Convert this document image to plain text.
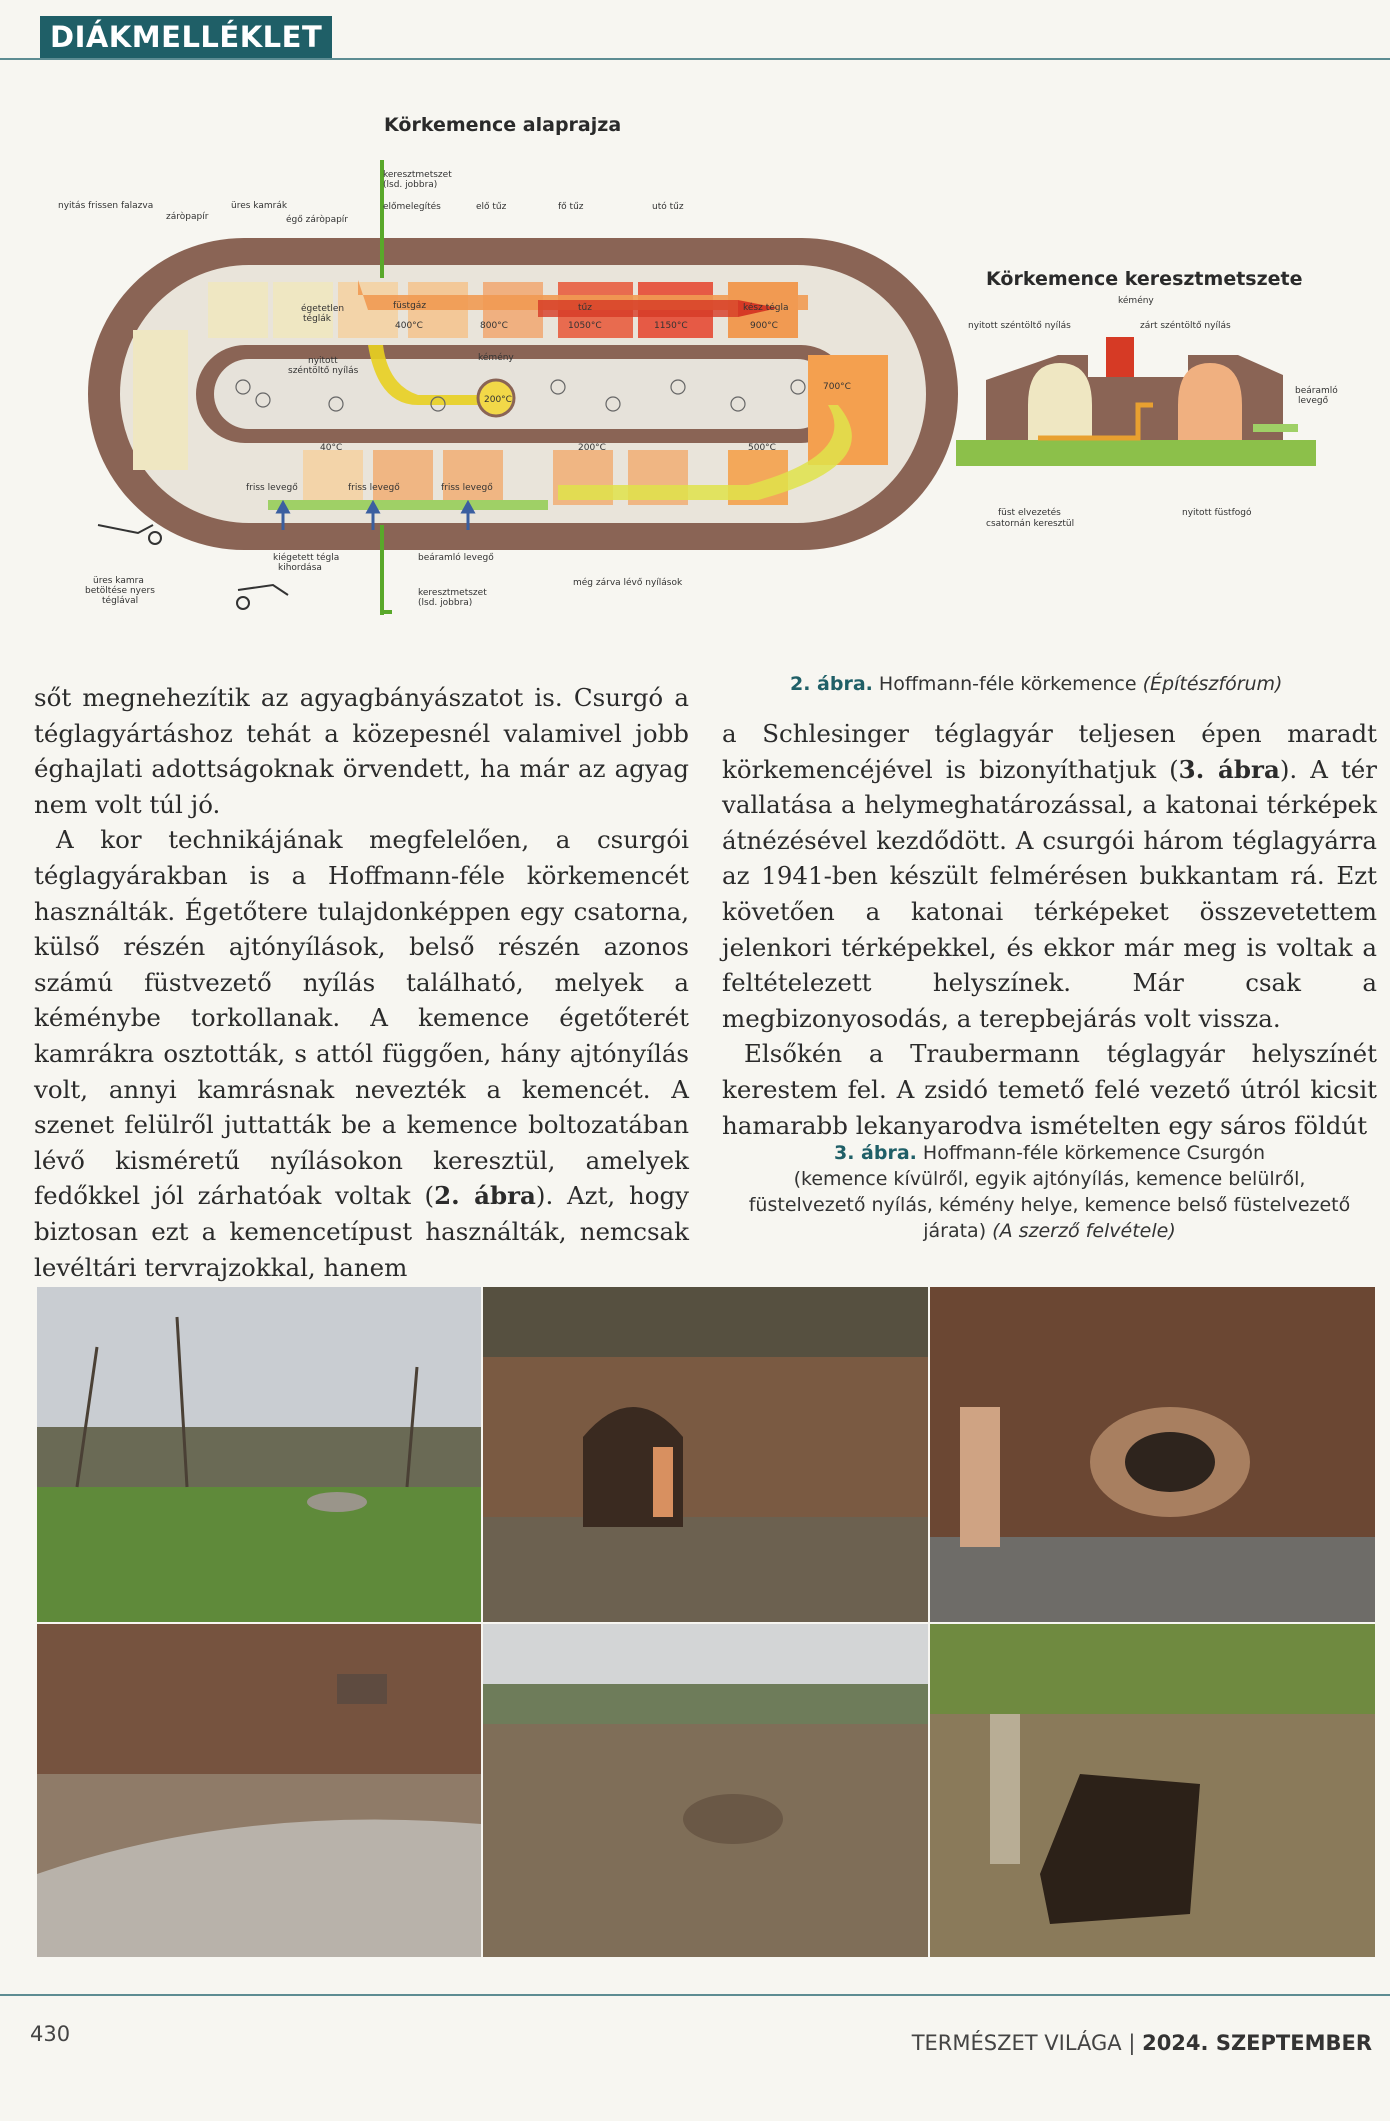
DIÁKMELLÉKLET
Körkemence alaprajza
nyitás frissen falazva
záròpapír
üres kamrák
égő záròpapír
keresztmetszet
(lsd. jobbra)
előmelegítés	elő tűz	fő tűz	utó tűz
égetetlen
téglák
füstgáz
400°C	800°C
tűz
1050°C	1150°C
kész tégla
900°C
nyitott
széntöltő nyílás
kémény
200°C
700°C
40°C	200°C	500°C
friss levegő	friss levegő	friss levegő
kiégetett tégla
kihordása
beáramló levegő
keresztmetszet
(lsd. jobbra)
még zárva lévő nyílások
üres kamra
betöltése nyers
téglával
Körkemence keresztmetszete
kémény
nyitott széntöltő nyílás	zárt széntöltő nyílás
beáramló
levegő
füst elvezetés
csatornán keresztül
nyitott füstfogó
2. ábra. Hoffmann-féle körkemence (Építészfórum)

sőt megnehezítik az agyagbányászatot is. Csurgó a téglagyártáshoz tehát a közepesnél valamivel jobb éghajlati adottságoknak örvendett, ha már az agyag nem volt túl jó.

A kor technikájának megfelelően, a csurgói téglagyárakban is a Hoffmann-féle körkemencét használták. Égetőtere tulajdonképpen egy csatorna, külső részén ajtónyílások, belső részén azonos számú füstvezető nyílás található, melyek a kéménybe torkollanak. A kemence égetőterét kamrákra osztották, s attól függően, hány ajtónyílás volt, annyi kamrásnak nevezték a kemencét. A szenet felülről juttatták be a kemence boltozatában lévő kisméretű nyílásokon keresztül, amelyek fedőkkel jól zárhatóak voltak (2. ábra). Azt, hogy biztosan ezt a kemencetípust használták, nemcsak levéltári tervrajzokkal, hanem

a Schlesinger téglagyár teljesen épen maradt körkemencéjével is bizonyíthatjuk (3. ábra). A tér vallatása a helymeghatározással, a katonai térképek átnézésével kezdődött. A csurgói három téglagyárra az 1941-ben készült felmérésen bukkantam rá. Ezt követően a katonai térképeket összevetettem jelenkori térképekkel, és ekkor már meg is voltak a feltételezett helyszínek. Már csak a megbizonyosodás, a terepbejárás volt vissza.

Elsőkén a Traubermann téglagyár helyszínét kerestem fel. A zsidó temető felé vezető útról kicsit hamarabb lekanyarodva ismételten egy sáros földút

3. ábra. Hoffmann-féle körkemence Csurgón
(kemence kívülről, egyik ajtónyílás, kemence belülről,
füstelvezető nyílás, kémény helye, kemence belső füstelvezető
járata) (A szerző felvétele)
430	TERMÉSZET VILÁGA | 2024. SZEPTEMBER
